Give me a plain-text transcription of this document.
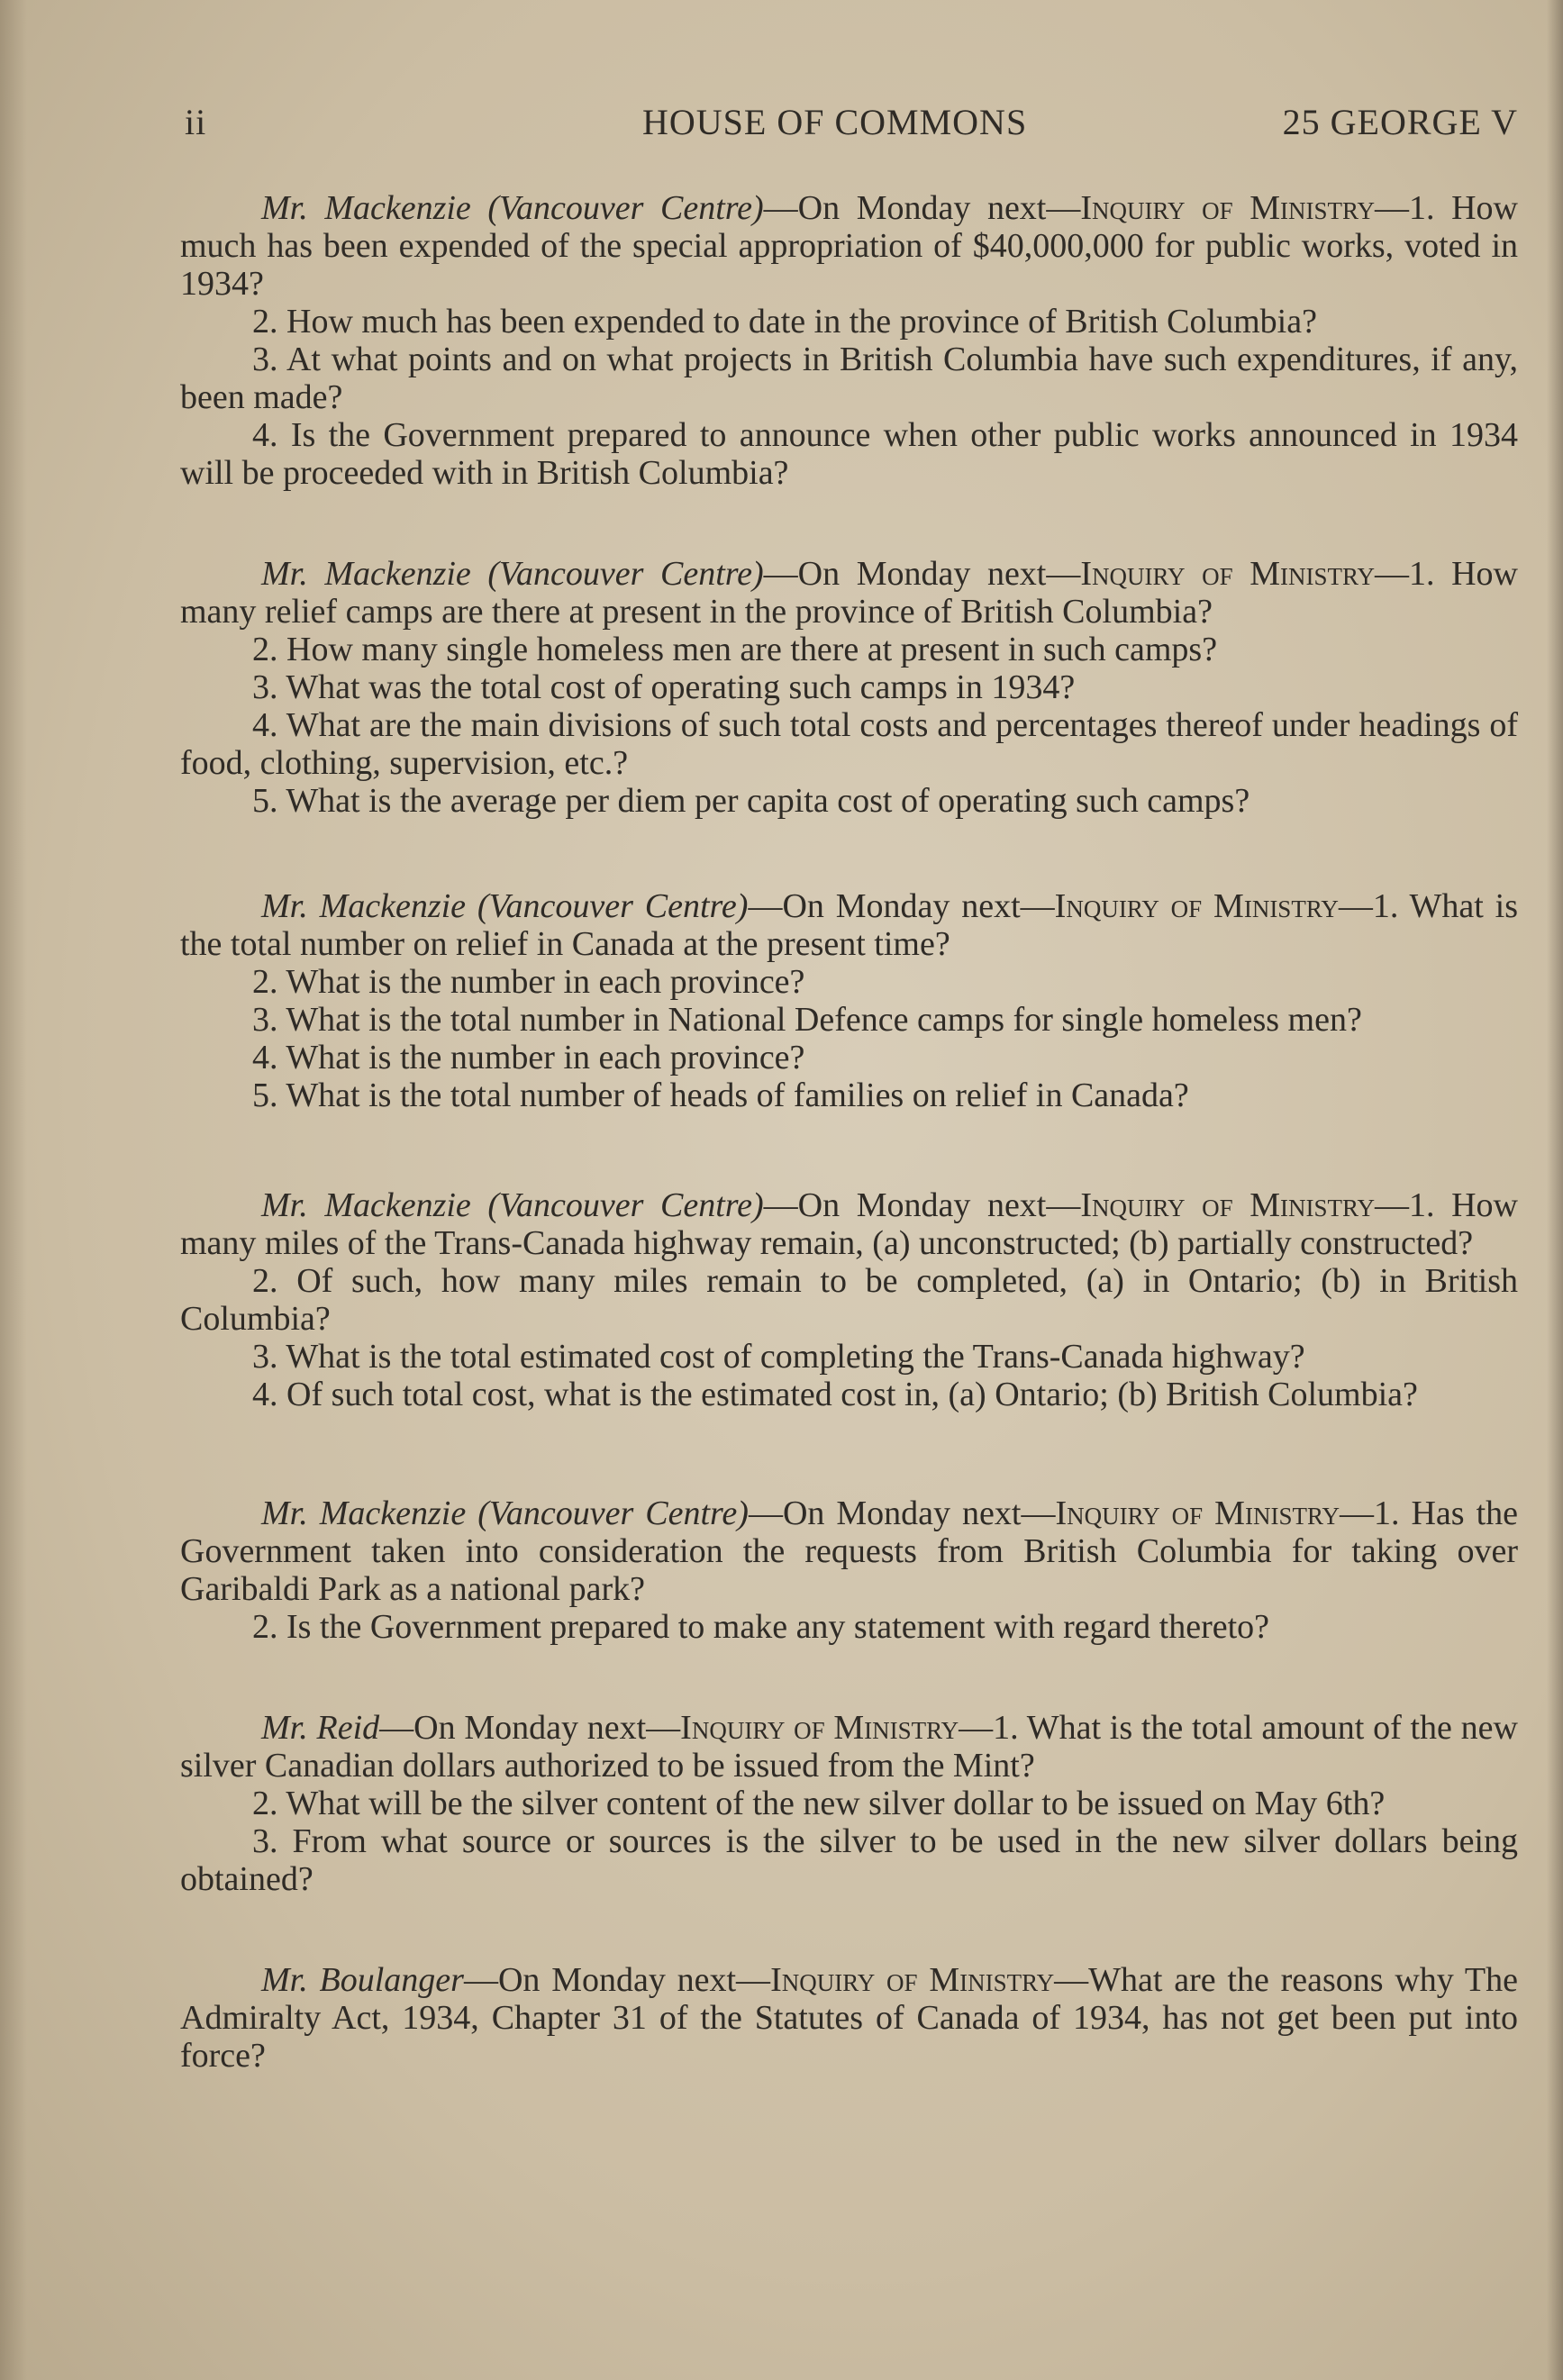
ii	HOUSE OF COMMONS	25 GEORGE V

Mr. Mackenzie (Vancouver Centre)—On Monday next—Inquiry of Ministry—1. How much has been expended of the special appropriation of $40,000,000 for public works, voted in 1934?

2. How much has been expended to date in the province of British Columbia?

3. At what points and on what projects in British Columbia have such expenditures, if any, been made?

4. Is the Government prepared to announce when other public works announced in 1934 will be proceeded with in British Columbia?

Mr. Mackenzie (Vancouver Centre)—On Monday next—Inquiry of Ministry—1. How many relief camps are there at present in the province of British Columbia?

2. How many single homeless men are there at present in such camps?

3. What was the total cost of operating such camps in 1934?

4. What are the main divisions of such total costs and percentages thereof under headings of food, clothing, supervision, etc.?

5. What is the average per diem per capita cost of operating such camps?

Mr. Mackenzie (Vancouver Centre)—On Monday next—Inquiry of Ministry—1. What is the total number on relief in Canada at the present time?

2. What is the number in each province?

3. What is the total number in National Defence camps for single homeless men?

4. What is the number in each province?

5. What is the total number of heads of families on relief in Canada?

Mr. Mackenzie (Vancouver Centre)—On Monday next—Inquiry of Ministry—1. How many miles of the Trans-Canada highway remain, (a) unconstructed; (b) partially constructed?

2. Of such, how many miles remain to be completed, (a) in Ontario; (b) in British Columbia?

3. What is the total estimated cost of completing the Trans-Canada highway?

4. Of such total cost, what is the estimated cost in, (a) Ontario; (b) British Columbia?

Mr. Mackenzie (Vancouver Centre)—On Monday next—Inquiry of Ministry—1. Has the Government taken into consideration the requests from British Columbia for taking over Garibaldi Park as a national park?

2. Is the Government prepared to make any statement with regard thereto?

Mr. Reid—On Monday next—Inquiry of Ministry—1. What is the total amount of the new silver Canadian dollars authorized to be issued from the Mint?

2. What will be the silver content of the new silver dollar to be issued on May 6th?

3. From what source or sources is the silver to be used in the new silver dollars being obtained?

Mr. Boulanger—On Monday next—Inquiry of Ministry—What are the reasons why The Admiralty Act, 1934, Chapter 31 of the Statutes of Canada of 1934, has not get been put into force?
